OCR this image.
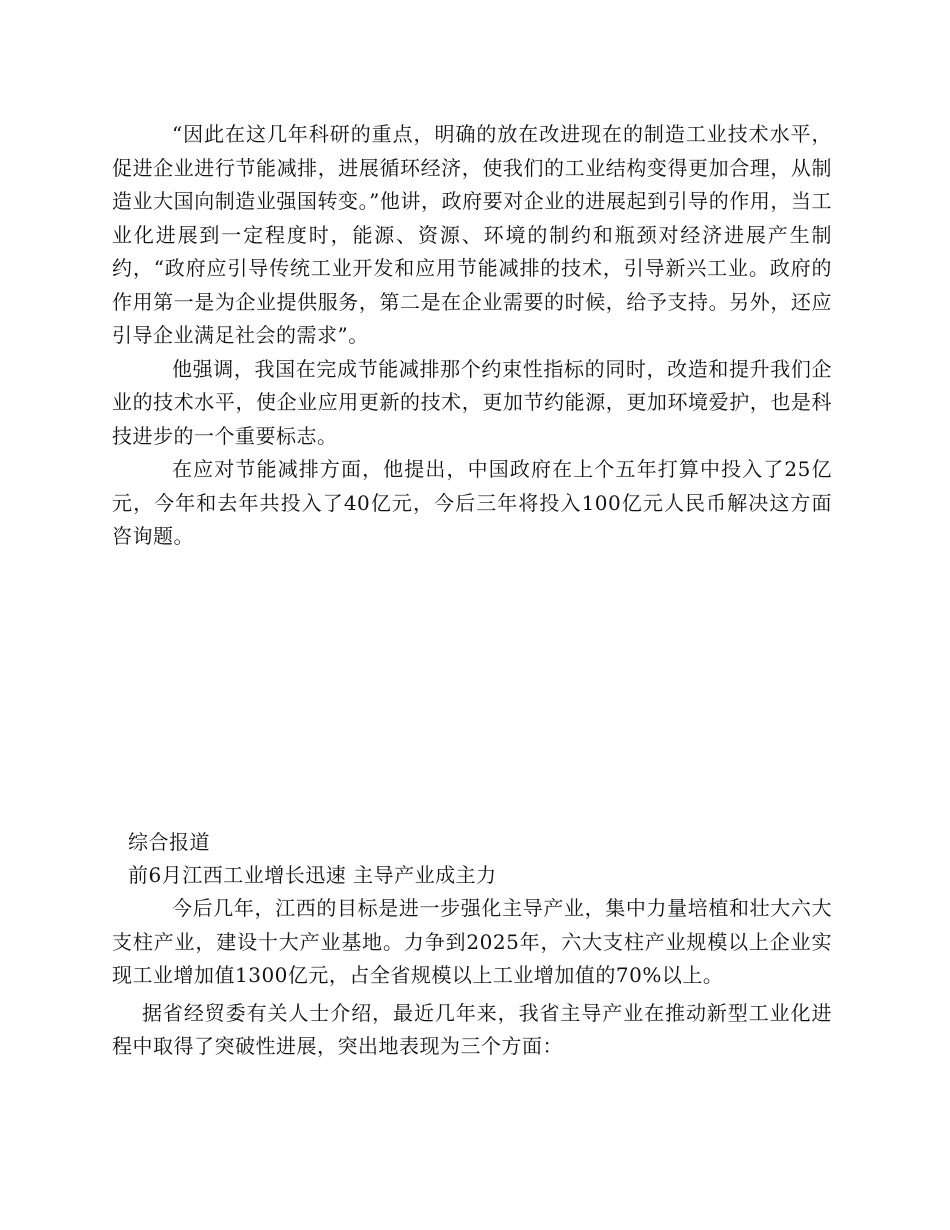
“因此在这几年科研的重点，明确的放在改进现在的制造工业技术水平，促进企业进行节能减排，进展循环经济，使我们的工业结构变得更加合理，从制造业大国向制造业强国转变。”他讲，政府要对企业的进展起到引导的作用，当工业化进展到一定程度时，能源、资源、环境的制约和瓶颈对经济进展产生制约，“政府应引导传统工业开发和应用节能减排的技术，引导新兴工业。政府的作用第一是为企业提供服务，第二是在企业需要的时候，给予支持。另外，还应引导企业满足社会的需求”。

他强调，我国在完成节能减排那个约束性指标的同时，改造和提升我们企业的技术水平，使企业应用更新的技术，更加节约能源，更加环境爱护，也是科技进步的一个重要标志。

在应对节能减排方面，他提出，中国政府在上个五年打算中投入了25亿元，今年和去年共投入了40亿元，今后三年将投入100亿元人民币解决这方面咨询题。

综合报道

前6月江西工业增长迅速 主导产业成主力

今后几年，江西的目标是进一步强化主导产业，集中力量培植和壮大六大支柱产业，建设十大产业基地。力争到2025年，六大支柱产业规模以上企业实现工业增加值1300亿元，占全省规模以上工业增加值的70%以上。

据省经贸委有关人士介绍，最近几年来，我省主导产业在推动新型工业化进程中取得了突破性进展，突出地表现为三个方面：
